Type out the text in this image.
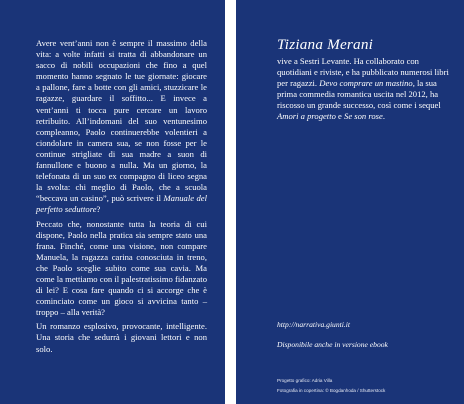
Avere vent’anni non è sempre il massimo della vita: a volte infatti si tratta di abbandonare un sacco di nobili occupazioni che fino a quel momento hanno segnato le tue giornate: giocare a pallone, fare a botte con gli amici, stuzzicare le ragazze, guardare il soffitto... E invece a vent’anni ti tocca pure cercare un lavoro retribuito. All’indomani del suo ventunesimo compleanno, Paolo continuerebbe volentieri a ciondolare in camera sua, se non fosse per le continue strigliate di sua madre a suon di fannullone e buono a nulla. Ma un giorno, la telefonata di un suo ex compagno di liceo segna la svolta: chi meglio di Paolo, che a scuola “beccava un casino”, può scrivere il Manuale del perfetto seduttore?

Peccato che, nonostante tutta la teoria di cui dispone, Paolo nella pratica sia sempre stato una frana. Finché, come una visione, non compare Manuela, la ragazza carina conosciuta in treno, che Paolo sceglie subito come sua cavia. Ma come la mettiamo con il palestratissimo fidanzato di lei? E cosa fare quando ci si accorge che è cominciato come un gioco si avvicina tanto – troppo – alla verità?

Un romanzo esplosivo, provocante, intelligente. Una storia che sedurrà i giovani lettori e non solo.

Tiziana Merani

vive a Sestri Levante. Ha collaborato con quotidiani e riviste, e ha pubblicato numerosi libri per ragazzi. Devo comprare un mastino, la sua prima commedia romantica uscita nel 2012, ha riscosso un grande successo, così come i sequel Amori a progetto e Se son rose.

http://narrativa.giunti.it

Disponibile anche in versione ebook

Progetto grafico: Adria Villa
Fotografia in copertina: © Bogdanhoda / Shutterstock
